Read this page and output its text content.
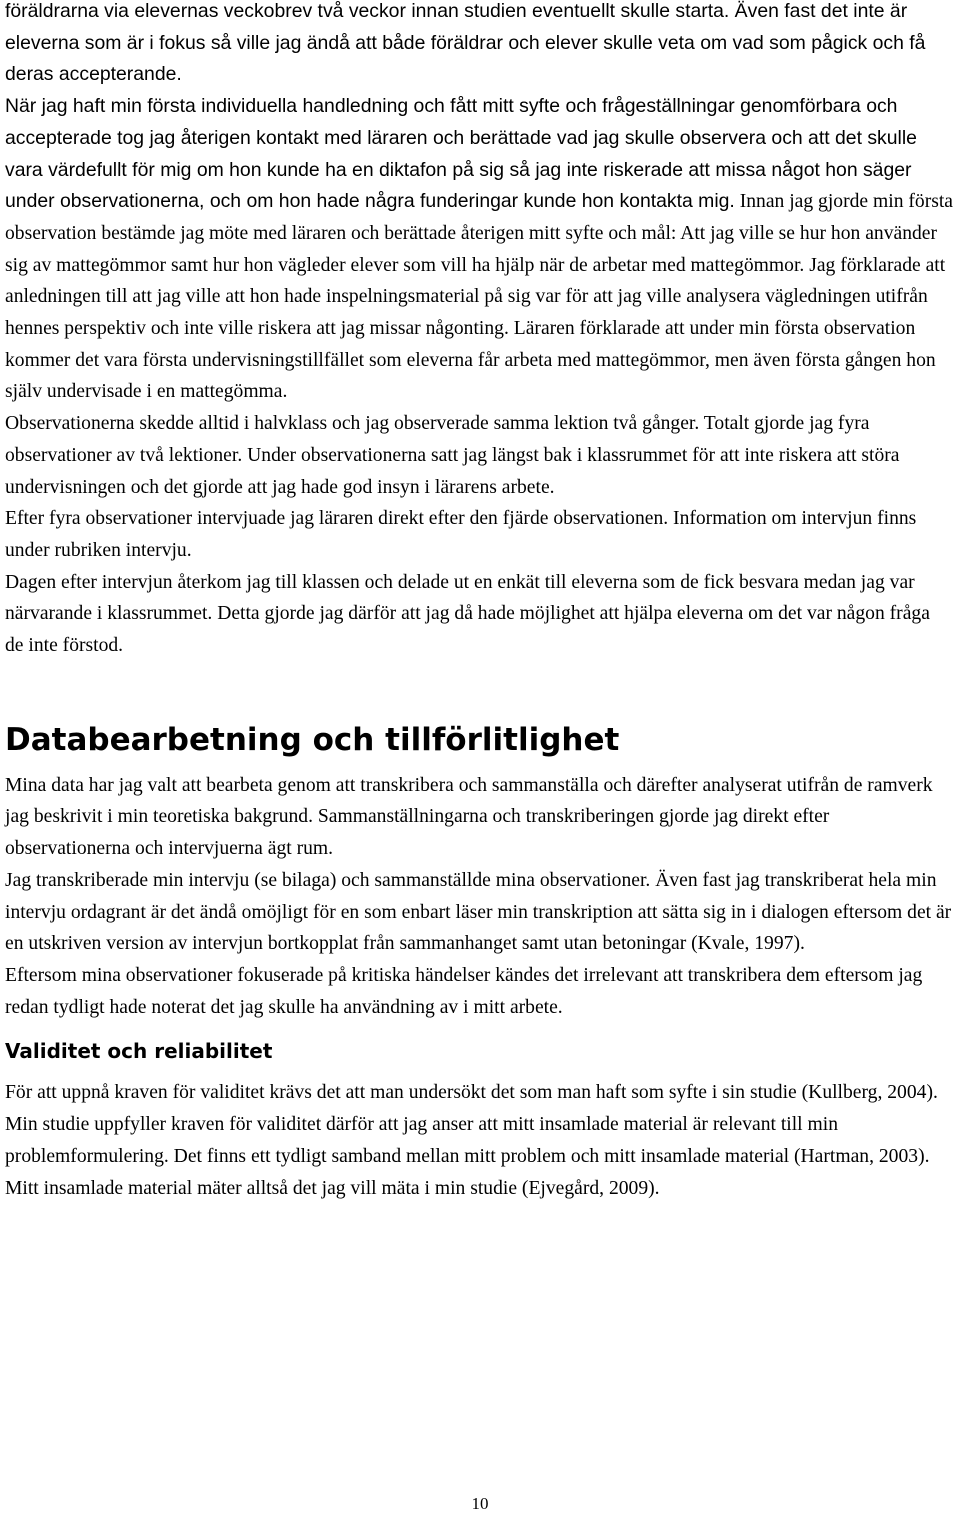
föräldrarna via elevernas veckobrev två veckor innan studien eventuellt skulle starta. Även fast det inte är eleverna som är i fokus så ville jag ändå att både föräldrar och elever skulle veta om vad som pågick och få deras accepterande.

När jag haft min första individuella handledning och fått mitt syfte och frågeställningar genomförbara och accepterade tog jag återigen kontakt med läraren och berättade vad jag skulle observera och att det skulle vara värdefullt för mig om hon kunde ha en diktafon på sig så jag inte riskerade att missa något hon säger under observationerna, och om hon hade några funderingar kunde hon kontakta mig. Innan jag gjorde min första observation bestämde jag möte med läraren och berättade återigen mitt syfte och mål: Att jag ville se hur hon använder sig av mattegömmor samt hur hon vägleder elever som vill ha hjälp när de arbetar med mattegömmor. Jag förklarade att anledningen till att jag ville att hon hade inspelningsmaterial på sig var för att jag ville analysera vägledningen utifrån hennes perspektiv och inte ville riskera att jag missar någonting. Läraren förklarade att under min första observation kommer det vara första undervisningstillfället som eleverna får arbeta med mattegömmor, men även första gången hon själv undervisade i en mattegömma.

Observationerna skedde alltid i halvklass och jag observerade samma lektion två gånger. Totalt gjorde jag fyra observationer av två lektioner. Under observationerna satt jag längst bak i klassrummet för att inte riskera att störa undervisningen och det gjorde att jag hade god insyn i lärarens arbete.

Efter fyra observationer intervjuade jag läraren direkt efter den fjärde observationen. Information om intervjun finns under rubriken intervju.

Dagen efter intervjun återkom jag till klassen och delade ut en enkät till eleverna som de fick besvara medan jag var närvarande i klassrummet. Detta gjorde jag därför att jag då hade möjlighet att hjälpa eleverna om det var någon fråga de inte förstod.

Databearbetning och tillförlitlighet

Mina data har jag valt att bearbeta genom att transkribera och sammanställa och därefter analyserat utifrån de ramverk jag beskrivit i min teoretiska bakgrund. Sammanställningarna och transkriberingen gjorde jag direkt efter observationerna och intervjuerna ägt rum.

Jag transkriberade min intervju (se bilaga) och sammanställde mina observationer. Även fast jag transkriberat hela min intervju ordagrant är det ändå omöjligt för en som enbart läser min transkription att sätta sig in i dialogen eftersom det är en utskriven version av intervjun bortkopplat från sammanhanget samt utan betoningar (Kvale, 1997).

Eftersom mina observationer fokuserade på kritiska händelser kändes det irrelevant att transkribera dem eftersom jag redan tydligt hade noterat det jag skulle ha användning av i mitt arbete.

Validitet och reliabilitet

För att uppnå kraven för validitet krävs det att man undersökt det som man haft som syfte i sin studie (Kullberg, 2004).

Min studie uppfyller kraven för validitet därför att jag anser att mitt insamlade material är relevant till min problemformulering. Det finns ett tydligt samband mellan mitt problem och mitt insamlade material (Hartman, 2003). Mitt insamlade material mäter alltså det jag vill mäta i min studie (Ejvegård, 2009).

10
